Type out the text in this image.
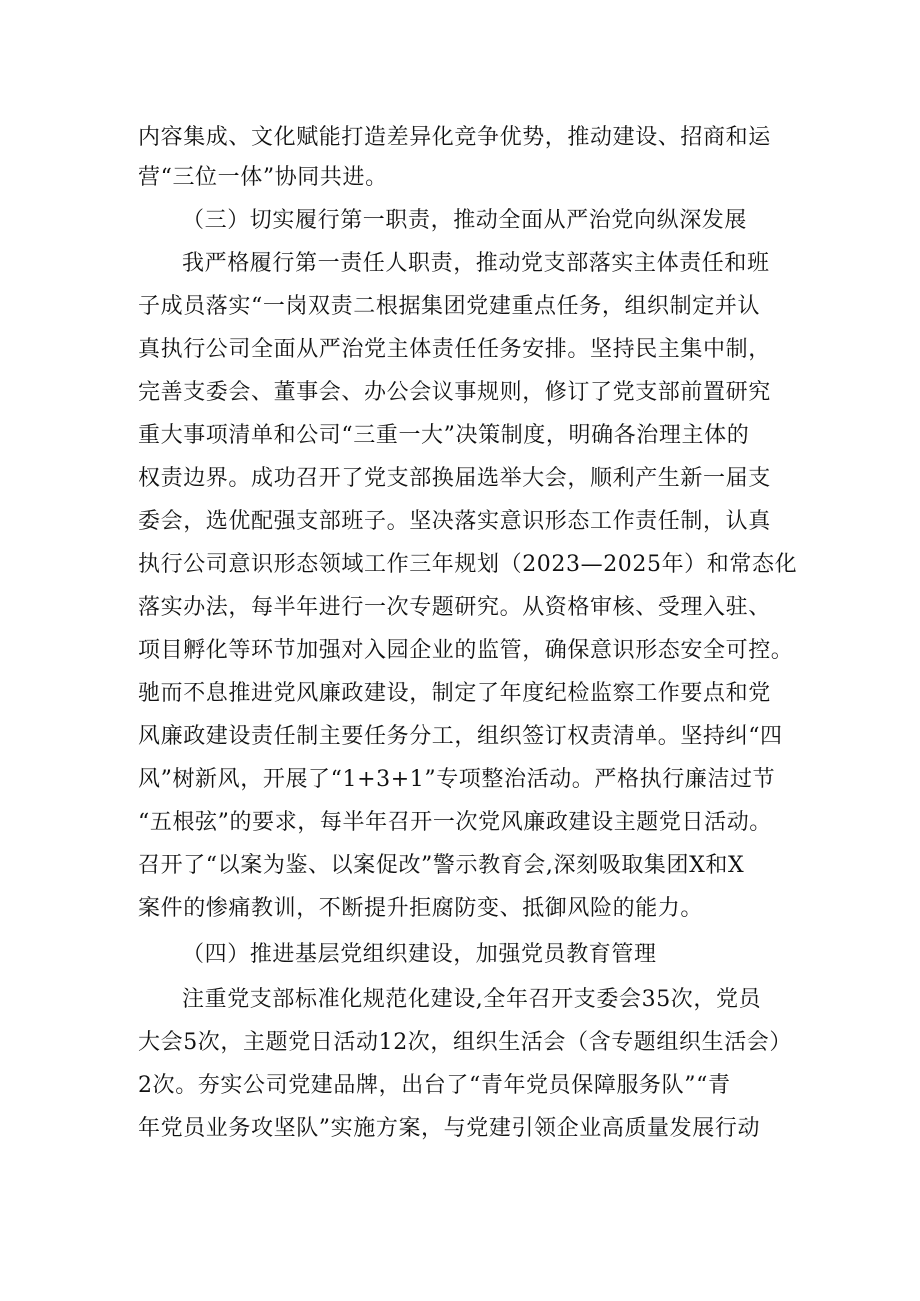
内容集成、文化赋能打造差异化竞争优势，推动建设、招商和运
营“三位一体”协同共进。
（三）切实履行第一职责，推动全面从严治党向纵深发展
我严格履行第一责任人职责，推动党支部落实主体责任和班
子成员落实“一岗双责二根据集团党建重点任务，组织制定并认
真执行公司全面从严治党主体责任任务安排。坚持民主集中制，
完善支委会、董事会、办公会议事规则，修订了党支部前置研究
重大事项清单和公司“三重一大”决策制度，明确各治理主体的
权责边界。成功召开了党支部换届选举大会，顺利产生新一届支
委会，选优配强支部班子。坚决落实意识形态工作责任制，认真
执行公司意识形态领域工作三年规划（2023—2025年）和常态化
落实办法，每半年进行一次专题研究。从资格审核、受理入驻、
项目孵化等环节加强对入园企业的监管，确保意识形态安全可控。
驰而不息推进党风廉政建设，制定了年度纪检监察工作要点和党
风廉政建设责任制主要任务分工，组织签订权责清单。坚持纠“四
风”树新风，开展了“1+3+1”专项整治活动。严格执行廉洁过节
“五根弦”的要求，每半年召开一次党风廉政建设主题党日活动。
召开了“以案为鉴、以案促改”警示教育会,深刻吸取集团X和X
案件的惨痛教训，不断提升拒腐防变、抵御风险的能力。
（四）推进基层党组织建设，加强党员教育管理
注重党支部标准化规范化建设,全年召开支委会35次，党员
大会5次，主题党日活动12次，组织生活会（含专题组织生活会）
2次。夯实公司党建品牌，出台了“青年党员保障服务队”“青
年党员业务攻坚队”实施方案，与党建引领企业高质量发展行动
